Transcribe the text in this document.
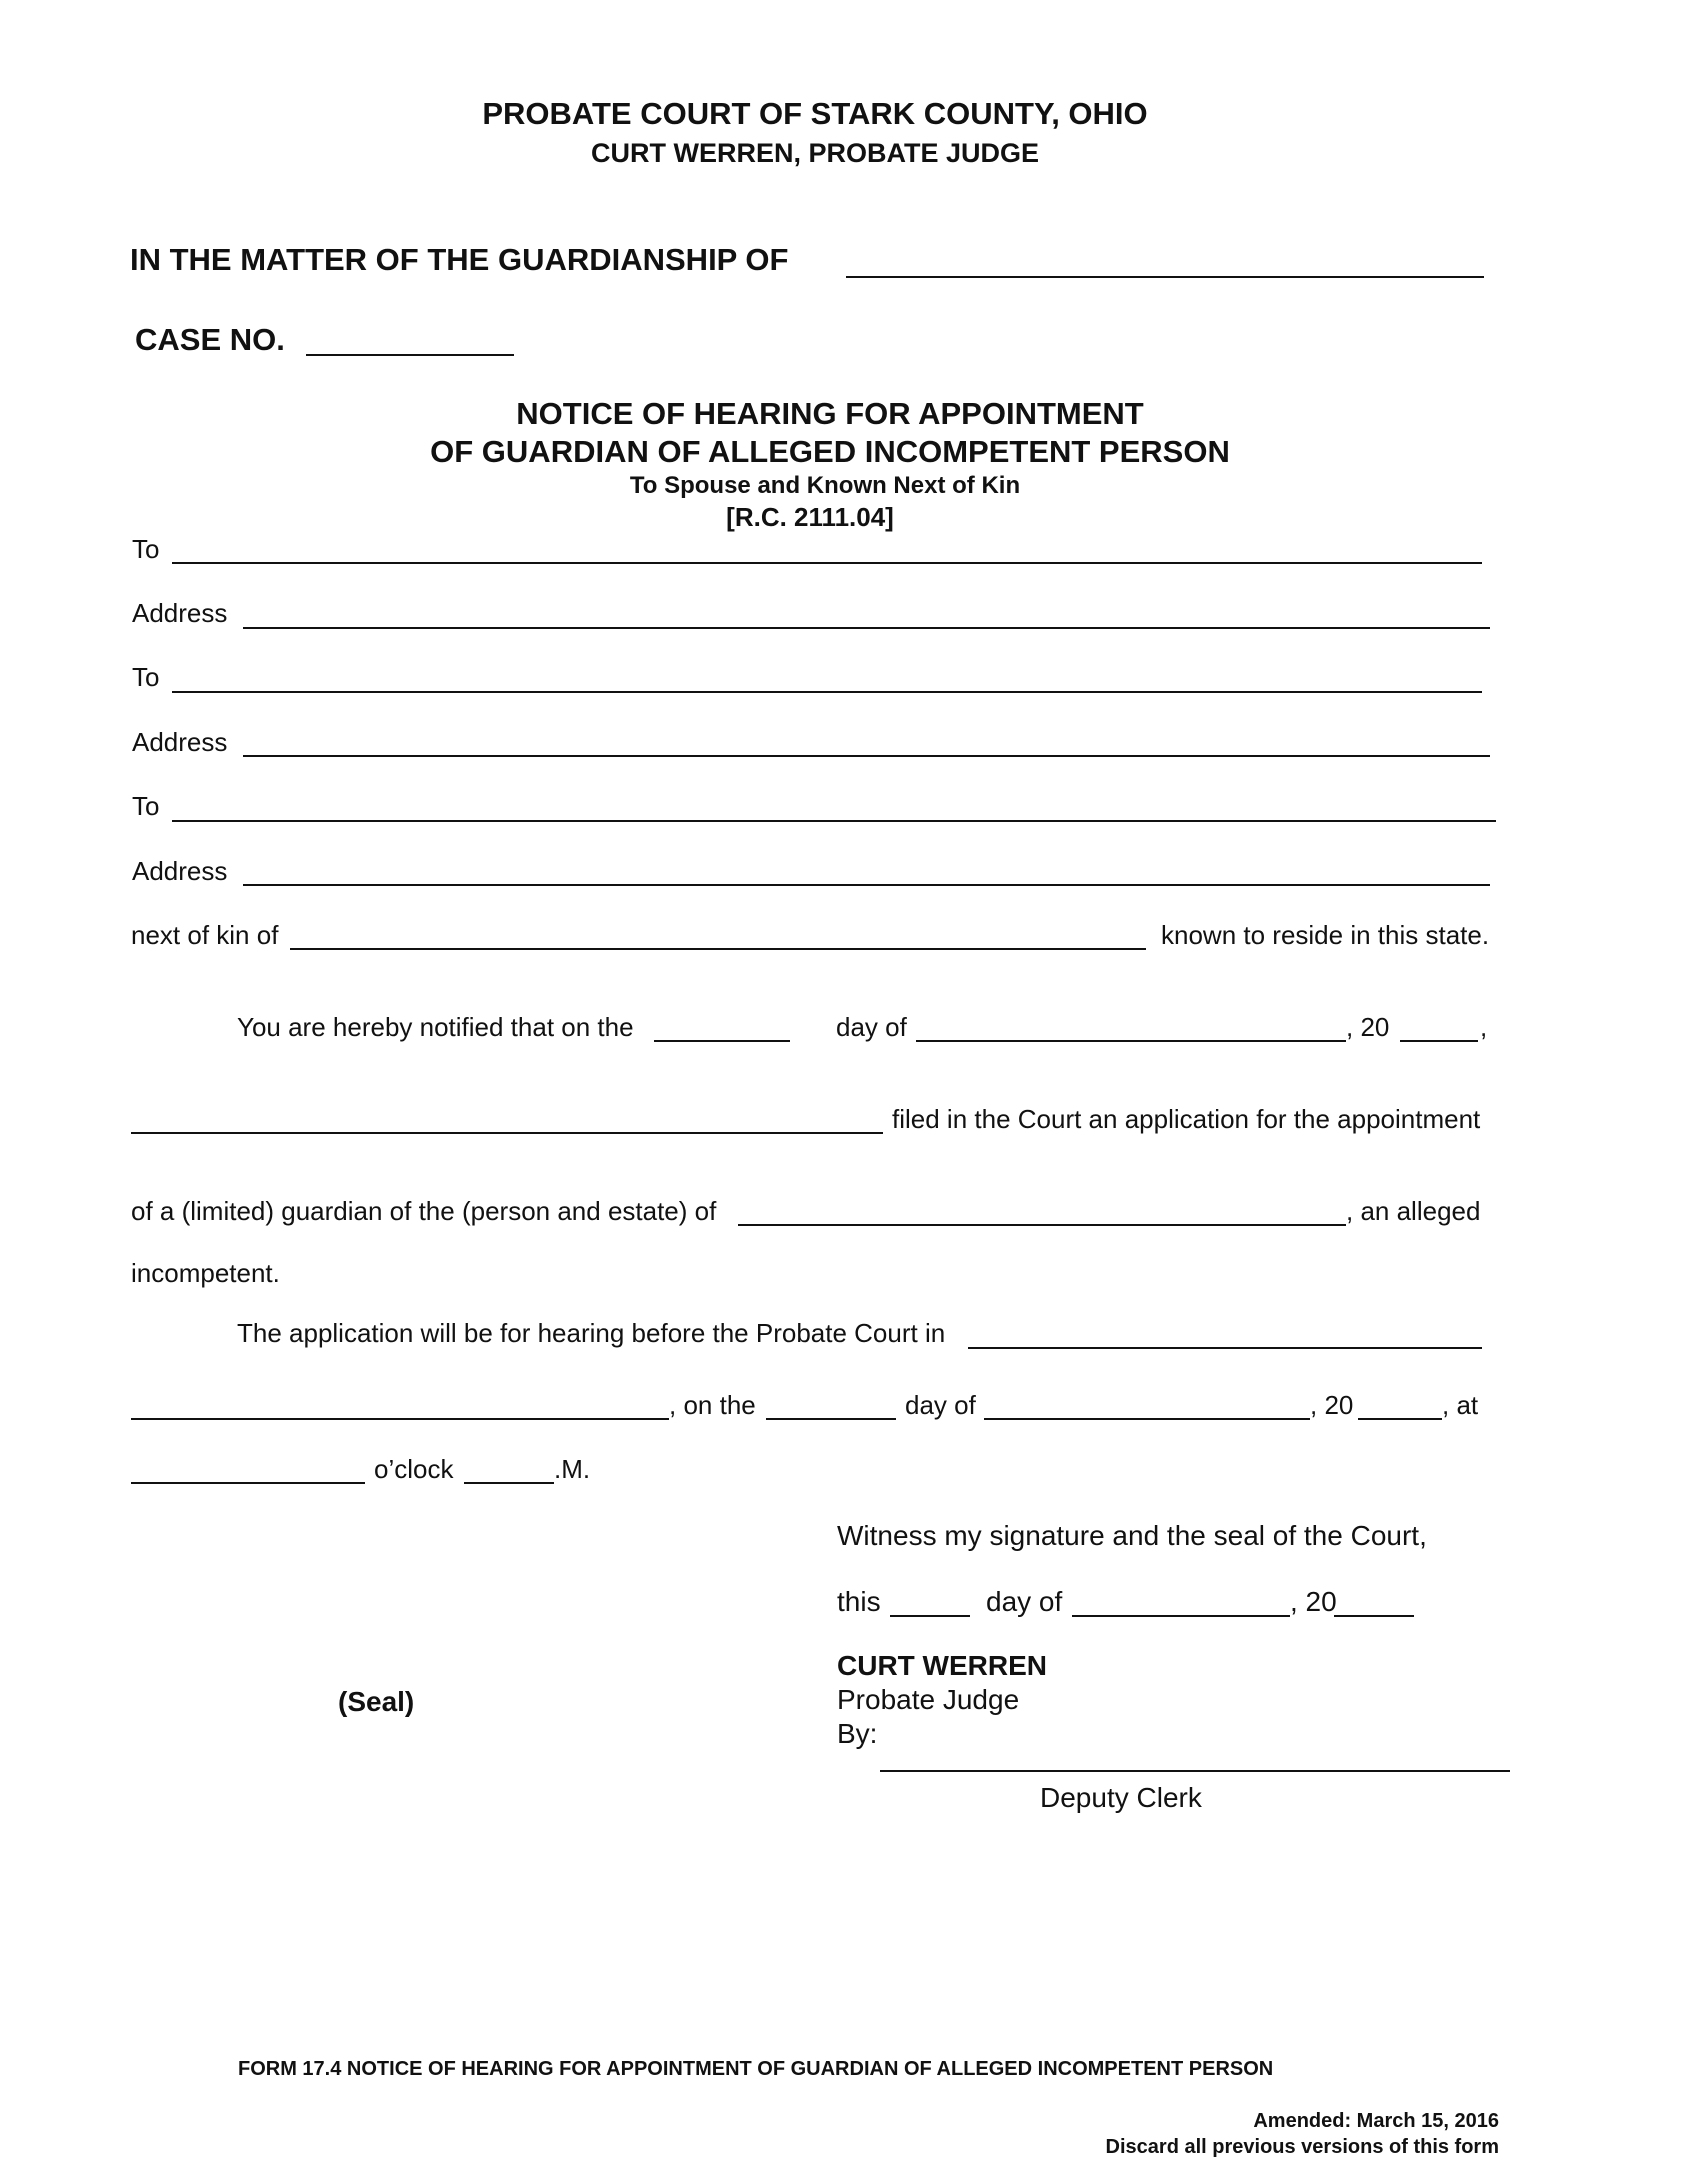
PROBATE COURT OF STARK COUNTY, OHIO
CURT WERREN, PROBATE JUDGE
IN THE MATTER OF THE GUARDIANSHIP OF
CASE NO.
NOTICE OF HEARING FOR APPOINTMENT
OF GUARDIAN OF ALLEGED INCOMPETENT PERSON
To Spouse and Known Next of Kin
[R.C. 2111.04]
To
Address
To
Address
To
Address
next of kin of	known to reside in this state.
You are hereby notified that on the	day of	, 20	,
filed in the Court an application for the appointment
of a (limited) guardian of the (person and estate) of	, an alleged
incompetent.
The application will be for hearing before the Probate Court in
, on the	day of	, 20	, at
o’clock	.M.
Witness my signature and the seal of the Court,
this	day of	, 20
CURT WERREN
Probate Judge
By:
Deputy Clerk
(Seal)
FORM 17.4 NOTICE OF HEARING FOR APPOINTMENT OF GUARDIAN OF ALLEGED INCOMPETENT PERSON
Amended: March 15, 2016
Discard all previous versions of this form
